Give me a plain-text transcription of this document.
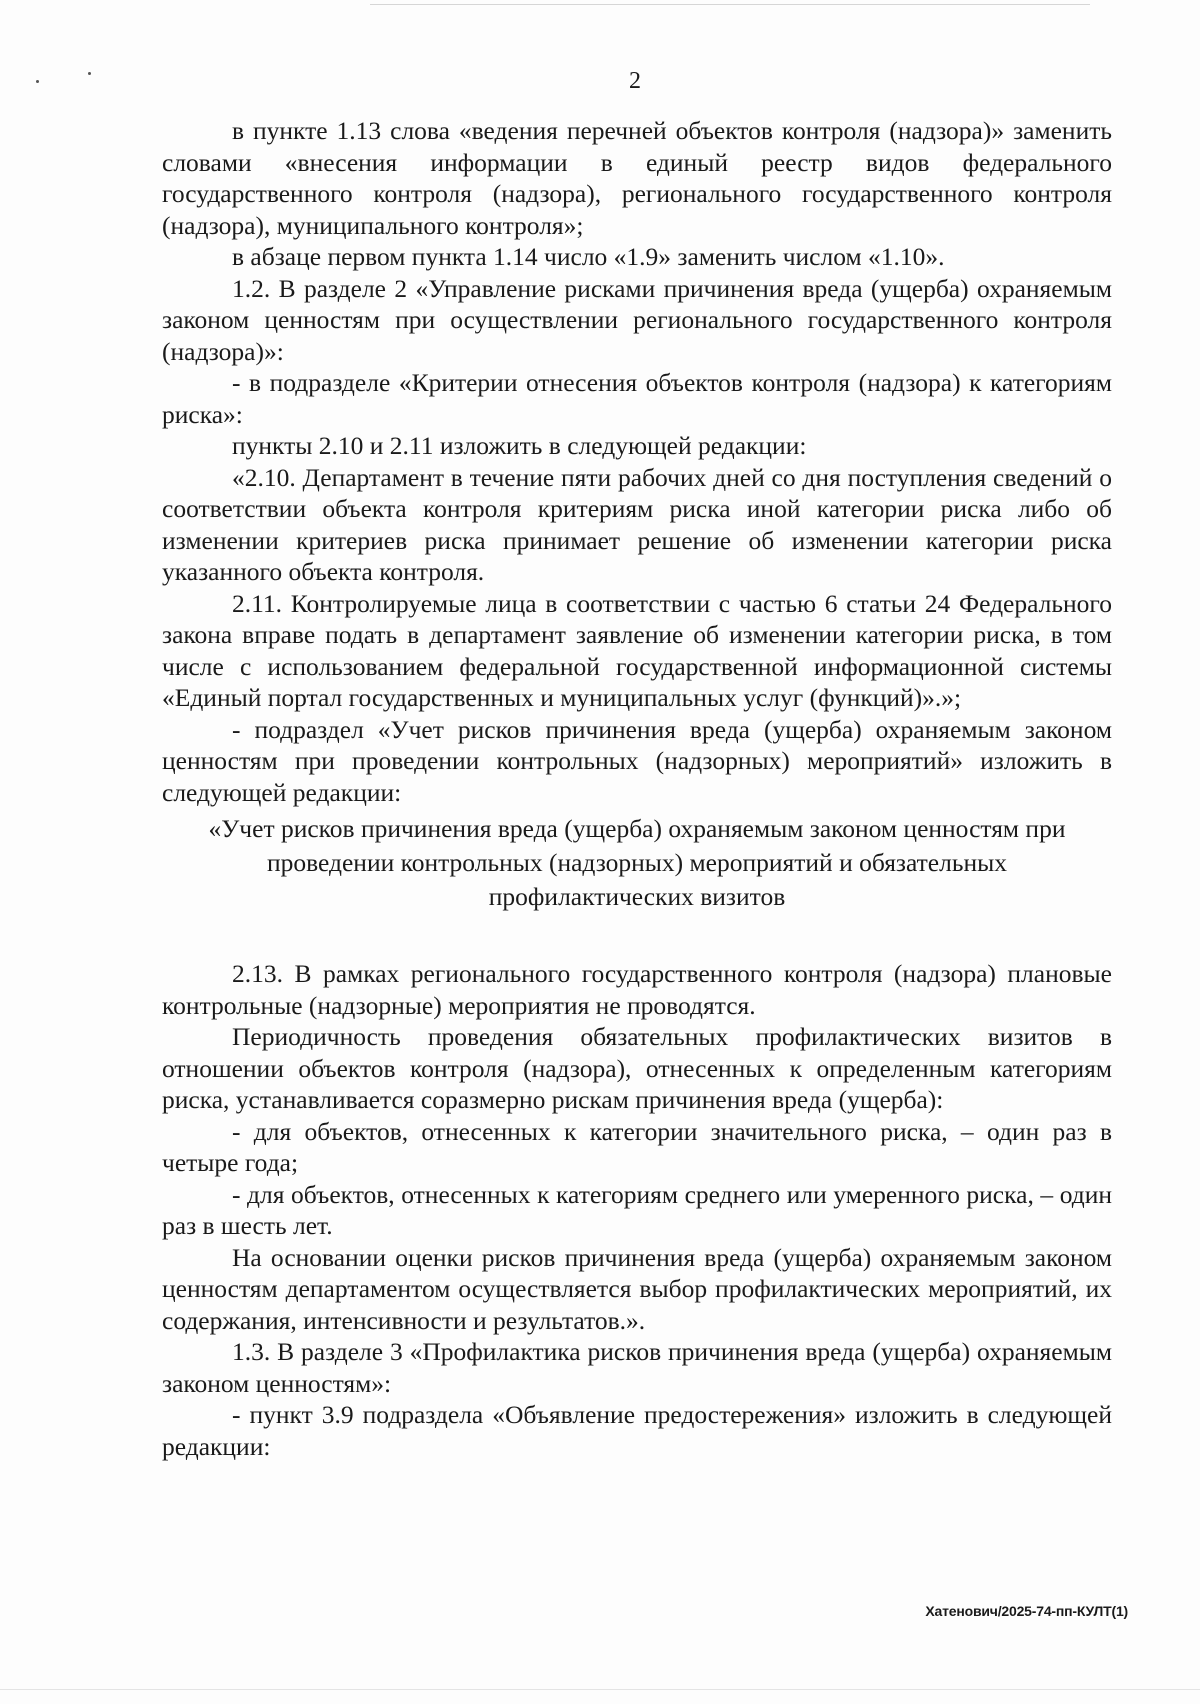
2

в пункте 1.13 слова «ведения перечней объектов контроля (надзора)» заменить словами «внесения информации в единый реестр видов федерального государственного контроля (надзора), регионального государственного контроля (надзора), муниципального контроля»;

в абзаце первом пункта 1.14 число «1.9» заменить числом «1.10».

1.2. В разделе 2 «Управление рисками причинения вреда (ущерба) охраняемым законом ценностям при осуществлении регионального государственного контроля (надзора)»:

- в подразделе «Критерии отнесения объектов контроля (надзора) к категориям риска»:

пункты 2.10 и 2.11 изложить в следующей редакции:

«2.10. Департамент в течение пяти рабочих дней со дня поступления сведений о соответствии объекта контроля критериям риска иной категории риска либо об изменении критериев риска принимает решение об изменении категории риска указанного объекта контроля.

2.11. Контролируемые лица в соответствии с частью 6 статьи 24 Федерального закона вправе подать в департамент заявление об изменении категории риска, в том числе с использованием федеральной государственной информационной системы «Единый портал государственных и муниципальных услуг (функций)».»;

- подраздел «Учет рисков причинения вреда (ущерба) охраняемым законом ценностям при проведении контрольных (надзорных) мероприятий» изложить в следующей редакции:

«Учет рисков причинения вреда (ущерба) охраняемым законом ценностям при проведении контрольных (надзорных) мероприятий и обязательных профилактических визитов

2.13. В рамках регионального государственного контроля (надзора) плановые контрольные (надзорные) мероприятия не проводятся.

Периодичность проведения обязательных профилактических визитов в отношении объектов контроля (надзора), отнесенных к определенным категориям риска, устанавливается соразмерно рискам причинения вреда (ущерба):

- для объектов, отнесенных к категории значительного риска, – один раз в четыре года;

- для объектов, отнесенных к категориям среднего или умеренного риска, – один раз в шесть лет.

На основании оценки рисков причинения вреда (ущерба) охраняемым законом ценностям департаментом осуществляется выбор профилактических мероприятий, их содержания, интенсивности и результатов.».

1.3. В разделе 3 «Профилактика рисков причинения вреда (ущерба) охраняемым законом ценностям»:

- пункт 3.9 подраздела «Объявление предостережения» изложить в следующей редакции:

Хатенович/2025-74-пп-КУЛТ(1)
